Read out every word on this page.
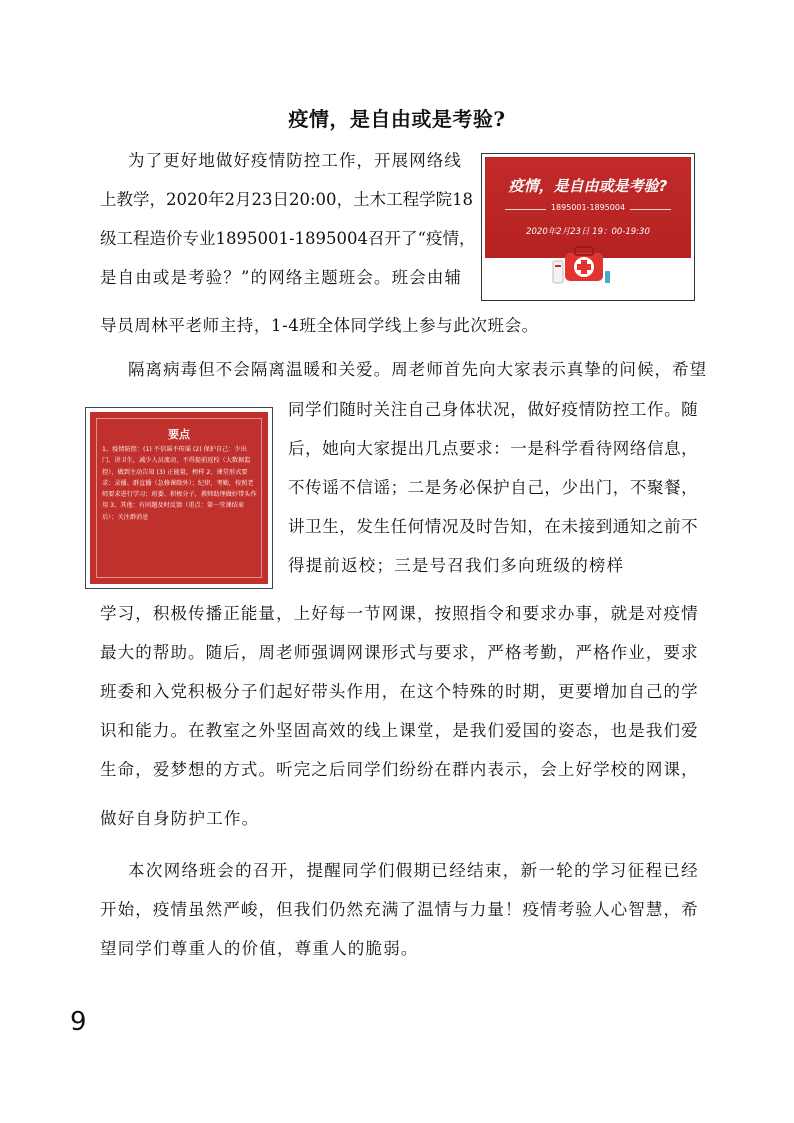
疫情，是自由或是考验?
为 了 更 好 地 做 好 疫 情 防 控 工 作 ， 开 展 网 络 线
上 教 学 ， 2020 年 2 月 23 日 20:00 ， 土 木 工 程 学 院 18
级 工 程 造 价 专 业 1895001-1895004 召 开 了 “ 疫 情 ，
是 自 由 或 是 考 验 ？ ” 的 网 络 主 题 班 会 。 班 会 由 辅
导员周林平老师主持，1-4班全体同学线上参与此次班会。
疫情，是自由或是考验?
1895001-1895004
2020年2月23日 19：00-19:30
隔离病毒但不会隔离温暖和关爱。周老师首先向大家表示真挚的问候，希望
要点
1、疫情防控：(1) 不信谣不传谣 (2) 保护自己：少出门、讲卫生，减少人员流动，不得提前返校（大数据监控），做到主动告知 (3) 正能量，榜样 2、课堂形式要求：录播、群直播（急修课除外）；纪律，考勤，按照老师要求进行学习；班委、积极分子，教师助理做好带头作用 3、其他：有问题及时反馈（重点：第一堂课结束后）；关注群消息
同 学 们 随 时 关 注 自 己 身 体 状 况 ， 做 好 疫 情 防 控 工 作 。 随
后 ， 她 向 大 家 提 出 几 点 要 求 ： 一 是 科 学 看 待 网 络 信 息 ，
不 传 谣 不 信 谣 ； 二 是 务 必 保 护 自 己 ， 少 出 门 ， 不 聚 餐 ，
讲 卫 生 ， 发 生 任 何 情 况 及 时 告 知 ， 在 未 接 到 通 知 之 前 不
得提前返校；三是号召我们多向班级的榜样
学 习 ， 积 极 传 播 正 能 量 ， 上 好 每 一 节 网 课 ， 按 照 指 令 和 要 求 办 事 ， 就 是 对 疫 情
最 大 的 帮 助 。 随 后 ， 周 老 师 强 调 网 课 形 式 与 要 求 ， 严 格 考 勤 ， 严 格 作 业 ， 要 求
班 委 和 入 党 积 极 分 子 们 起 好 带 头 作 用 ， 在 这 个 特 殊 的 时 期 ， 更 要 增 加 自 己 的 学
识 和 能 力 。 在 教 室 之 外 坚 固 高 效 的 线 上 课 堂 ， 是 我 们 爱 国 的 姿 态 ， 也 是 我 们 爱
生 命 ， 爱 梦 想 的 方 式 。 听 完 之 后 同 学 们 纷 纷 在 群 内 表 示 ， 会 上 好 学 校 的 网 课 ，
做好自身防护工作。
本 次 网 络 班 会 的 召 开 ， 提 醒 同 学 们 假 期 已 经 结 束 ， 新 一 轮 的 学 习 征 程 已 经
开 始 ， 疫 情 虽 然 严 峻 ， 但 我 们 仍 然 充 满 了 温 情 与 力 量 ！ 疫 情 考 验 人 心 智 慧 ， 希
望同学们尊重人的价值，尊重人的脆弱。
9
